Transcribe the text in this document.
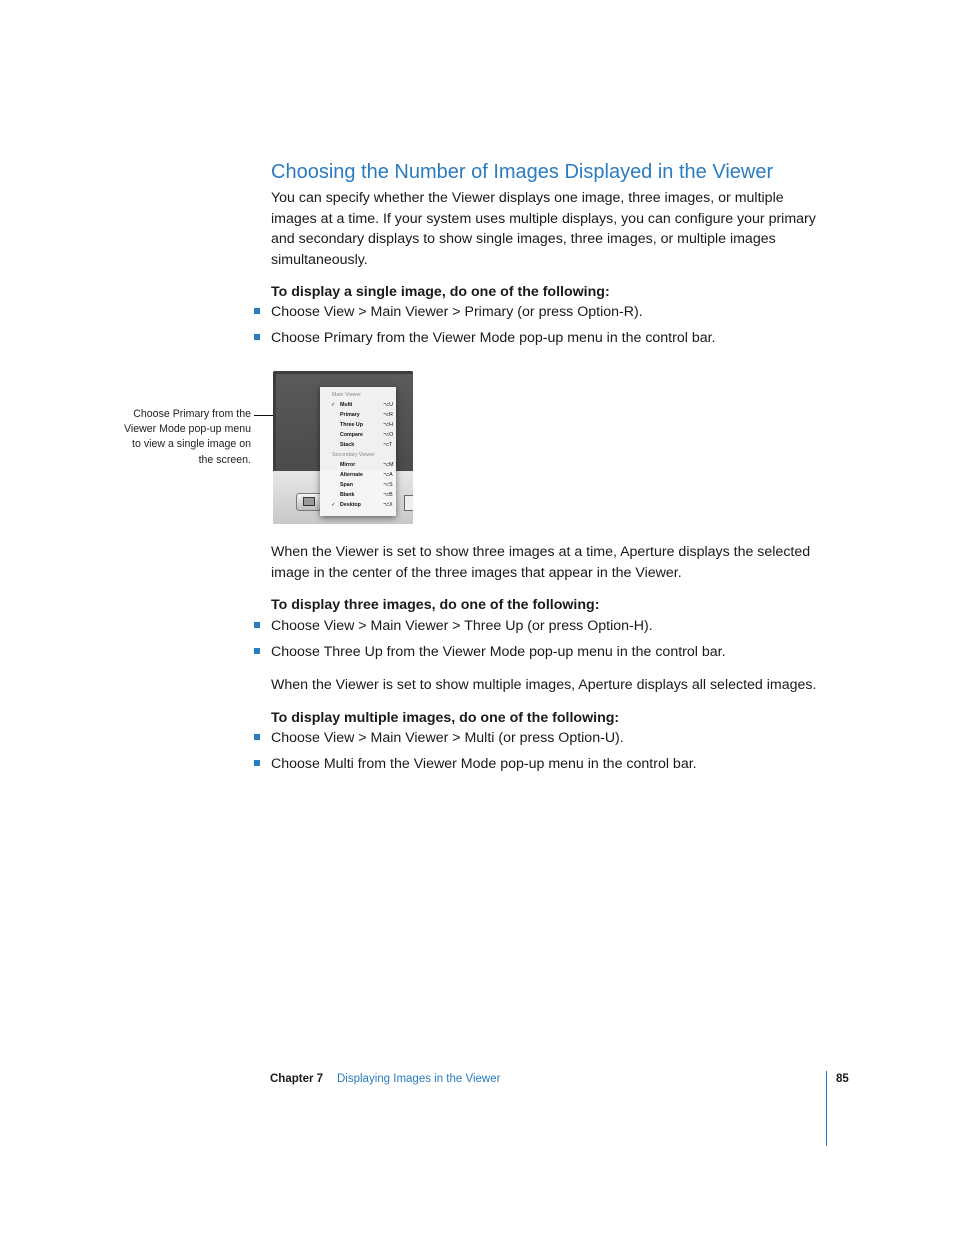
Choosing the Number of Images Displayed in the Viewer

You can specify whether the Viewer displays one image, three images, or multiple images at a time. If your system uses multiple displays, you can configure your primary and secondary displays to show single images, three images, or multiple images simultaneously.

To display a single image, do one of the following:

Choose View > Main Viewer > Primary (or press Option-R).
Choose Primary from the Viewer Mode pop-up menu in the control bar.

Choose Primary from the Viewer Mode pop-up menu to view a single image on the screen.

Main Viewer
✓ Multi	⌥U
Primary	⌥R
Three Up	⌥H
Compare	⌥O
Stack	⌥T
Secondary Viewer
Mirror	⌥M
Alternate	⌥A
Span	⌥S
Blank	⌥B
✓ Desktop	⌥X

When the Viewer is set to show three images at a time, Aperture displays the selected image in the center of the three images that appear in the Viewer.

To display three images, do one of the following:

Choose View > Main Viewer > Three Up (or press Option-H).
Choose Three Up from the Viewer Mode pop-up menu in the control bar.

When the Viewer is set to show multiple images, Aperture displays all selected images.

To display multiple images, do one of the following:

Choose View > Main Viewer > Multi (or press Option-U).
Choose Multi from the Viewer Mode pop-up menu in the control bar.
Chapter 7 Displaying Images in the Viewer	85
